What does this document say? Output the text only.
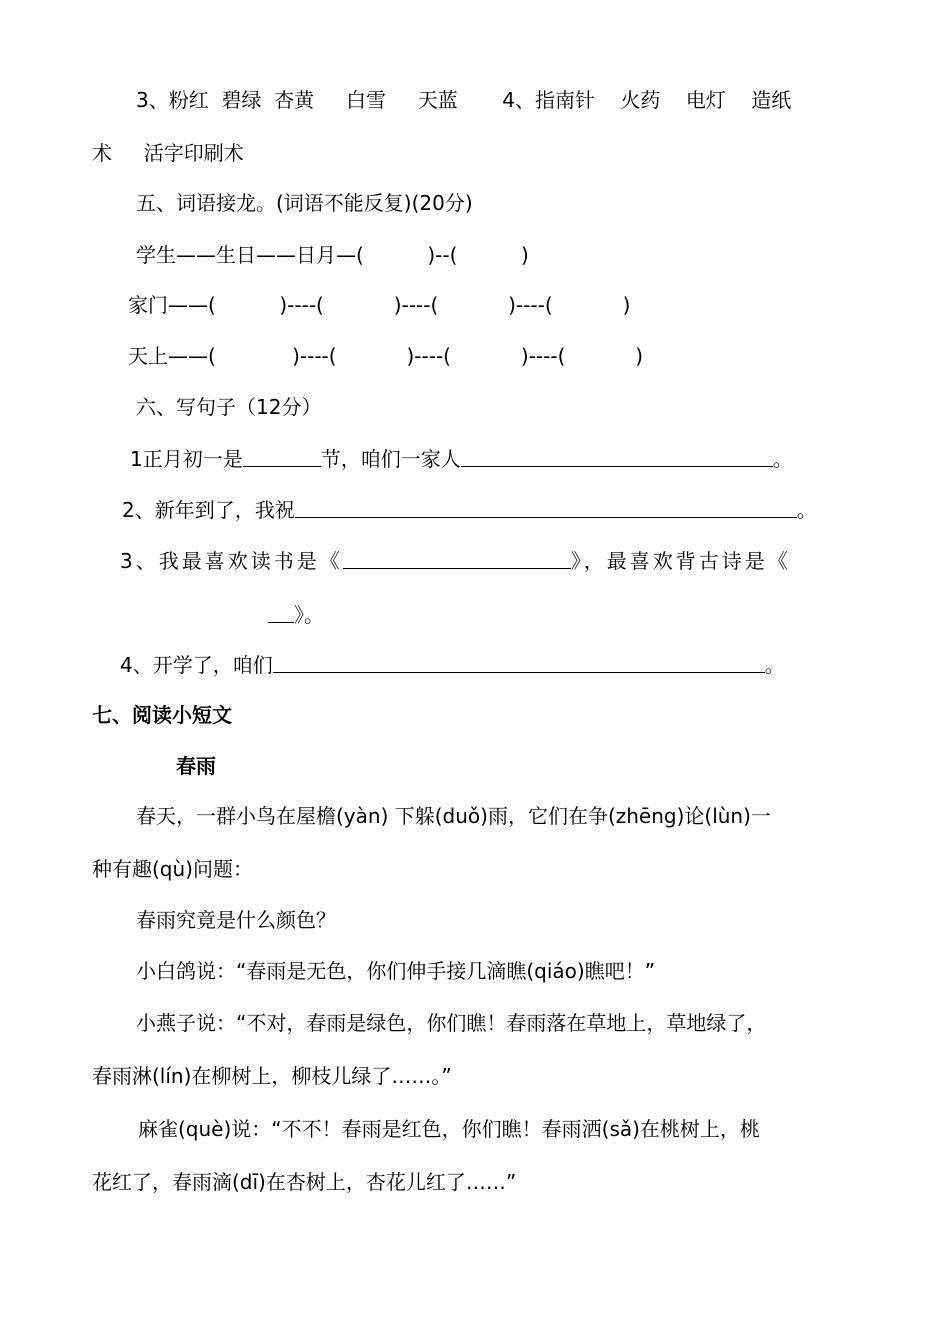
3、粉红  碧绿  杏黄     白雪     天蓝       4、指南针    火药    电灯    造纸

术     活字印刷术

五、词语接龙。(词语不能反复)(20分)

学生——生日——日月—(          )--(          )

家门——(          )----(           )----(           )----(           )

天上——(            )----(           )----(           )----(           )

六、写句子（12分）

1正月初一是	节，咱们一家人	。

2、新年到了，我祝	。

3、我最喜欢读书是《	》，最喜欢背古诗是《

》。

4、开学了，咱们	。

七、阅读小短文

春雨

春天，一群小鸟在屋檐(yàn) 下躲(duǒ)雨，它们在争(zhēng)论(lùn)一

种有趣(qù)问题：

春雨究竟是什么颜色？

小白鸽说：“春雨是无色，你们伸手接几滴瞧(qiáo)瞧吧！”

小燕子说：“不对，春雨是绿色，你们瞧！春雨落在草地上，草地绿了，

春雨淋(lín)在柳树上，柳枝儿绿了……。”

麻雀(què)说：“不不！春雨是红色，你们瞧！春雨洒(sǎ)在桃树上，桃

花红了，春雨滴(dī)在杏树上，杏花儿红了……”
